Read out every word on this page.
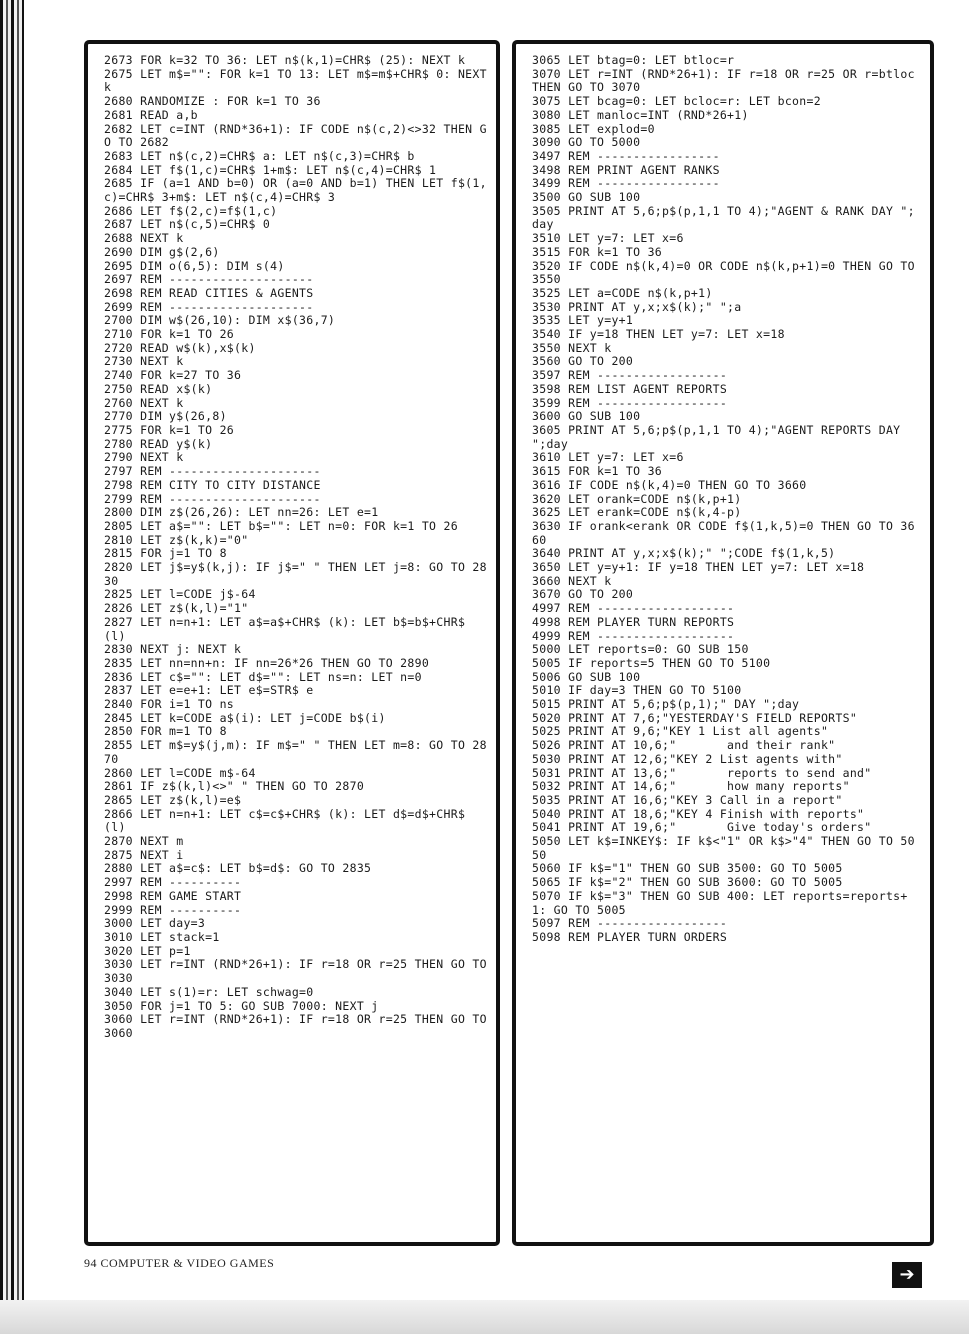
2673 FOR k=32 TO 36: LET n$(k,1)=CHR$ (25): NEXT k
2675 LET m$="": FOR k=1 TO 13: LET m$=m$+CHR$ 0: NEXT k
2680 RANDOMIZE : FOR k=1 TO 36
2681 READ a,b
2682 LET c=INT (RND*36+1): IF CODE n$(c,2)<>32 THEN GO TO 2682
2683 LET n$(c,2)=CHR$ a: LET n$(c,3)=CHR$ b
2684 LET f$(1,c)=CHR$ 1+m$: LET n$(c,4)=CHR$ 1
2685 IF (a=1 AND b=0) OR (a=0 AND b=1) THEN LET f$(1,c)=CHR$ 3+m$: LET n$(c,4)=CHR$ 3
2686 LET f$(2,c)=f$(1,c)
2687 LET n$(c,5)=CHR$ 0
2688 NEXT k
2690 DIM g$(2,6)
2695 DIM o(6,5): DIM s(4)
2697 REM --------------------
2698 REM READ CITIES & AGENTS
2699 REM --------------------
2700 DIM w$(26,10): DIM x$(36,7)
2710 FOR k=1 TO 26
2720 READ w$(k),x$(k)
2730 NEXT k
2740 FOR k=27 TO 36
2750 READ x$(k)
2760 NEXT k
2770 DIM y$(26,8)
2775 FOR k=1 TO 26
2780 READ y$(k)
2790 NEXT k
2797 REM ---------------------
2798 REM CITY TO CITY DISTANCE
2799 REM ---------------------
2800 DIM z$(26,26): LET nn=26: LET e=1
2805 LET a$="": LET b$="": LET n=0: FOR k=1 TO 26
2810 LET z$(k,k)="0"
2815 FOR j=1 TO 8
2820 LET j$=y$(k,j): IF j$=" " THEN LET j=8: GO TO 2830
2825 LET l=CODE j$-64
2826 LET z$(k,l)="1"
2827 LET n=n+1: LET a$=a$+CHR$ (k): LET b$=b$+CHR$ (l)
2830 NEXT j: NEXT k
2835 LET nn=nn+n: IF nn=26*26 THEN GO TO 2890
2836 LET c$="": LET d$="": LET ns=n: LET n=0
2837 LET e=e+1: LET e$=STR$ e
2840 FOR i=1 TO ns
2845 LET k=CODE a$(i): LET j=CODE b$(i)
2850 FOR m=1 TO 8
2855 LET m$=y$(j,m): IF m$=" " THEN LET m=8: GO TO 2870
2860 LET l=CODE m$-64
2861 IF z$(k,l)<>" " THEN GO TO 2870
2865 LET z$(k,l)=e$
2866 LET n=n+1: LET c$=c$+CHR$ (k): LET d$=d$+CHR$ (l)
2870 NEXT m
2875 NEXT i
2880 LET a$=c$: LET b$=d$: GO TO 2835
2997 REM ----------
2998 REM GAME START
2999 REM ----------
3000 LET day=3
3010 LET stack=1
3020 LET p=1
3030 LET r=INT (RND*26+1): IF r=18 OR r=25 THEN GO TO 3030
3040 LET s(1)=r: LET schwag=0
3050 FOR j=1 TO 5: GO SUB 7000: NEXT j
3060 LET r=INT (RND*26+1): IF r=18 OR r=25 THEN GO TO 3060
3065 LET btag=0: LET btloc=r
3070 LET r=INT (RND*26+1): IF r=18 OR r=25 OR r=btloc THEN GO TO 3070
3075 LET bcag=0: LET bcloc=r: LET bcon=2
3080 LET manloc=INT (RND*26+1)
3085 LET explod=0
3090 GO TO 5000
3497 REM -----------------
3498 REM PRINT AGENT RANKS
3499 REM -----------------
3500 GO SUB 100
3505 PRINT AT 5,6;p$(p,1,1 TO 4);"AGENT & RANK DAY ";day
3510 LET y=7: LET x=6
3515 FOR k=1 TO 36
3520 IF CODE n$(k,4)=0 OR CODE n$(k,p+1)=0 THEN GO TO 3550
3525 LET a=CODE n$(k,p+1)
3530 PRINT AT y,x;x$(k);" ";a
3535 LET y=y+1
3540 IF y=18 THEN LET y=7: LET x=18
3550 NEXT k
3560 GO TO 200
3597 REM ------------------
3598 REM LIST AGENT REPORTS
3599 REM ------------------
3600 GO SUB 100
3605 PRINT AT 5,6;p$(p,1,1 TO 4);"AGENT REPORTS DAY ";day
3610 LET y=7: LET x=6
3615 FOR k=1 TO 36
3616 IF CODE n$(k,4)=0 THEN GO TO 3660
3620 LET orank=CODE n$(k,p+1)
3625 LET erank=CODE n$(k,4-p)
3630 IF orank<erank OR CODE f$(1,k,5)=0 THEN GO TO 3660
3640 PRINT AT y,x;x$(k);" ";CODE f$(1,k,5)
3650 LET y=y+1: IF y=18 THEN LET y=7: LET x=18
3660 NEXT k
3670 GO TO 200
4997 REM -------------------
4998 REM PLAYER TURN REPORTS
4999 REM -------------------
5000 LET reports=0: GO SUB 150
5005 IF reports=5 THEN GO TO 5100
5006 GO SUB 100
5010 IF day=3 THEN GO TO 5100
5015 PRINT AT 5,6;p$(p,1);" DAY ";day
5020 PRINT AT 7,6;"YESTERDAY'S FIELD REPORTS"
5025 PRINT AT 9,6;"KEY 1 List all agents"
5026 PRINT AT 10,6;"       and their rank"
5030 PRINT AT 12,6;"KEY 2 List agents with"
5031 PRINT AT 13,6;"       reports to send and"
5032 PRINT AT 14,6;"       how many reports"
5035 PRINT AT 16,6;"KEY 3 Call in a report"
5040 PRINT AT 18,6;"KEY 4 Finish with reports"
5041 PRINT AT 19,6;"       Give today's orders"
5050 LET k$=INKEY$: IF k$<"1" OR k$>"4" THEN GO TO 5050
5060 IF k$="1" THEN GO SUB 3500: GO TO 5005
5065 IF k$="2" THEN GO SUB 3600: GO TO 5005
5070 IF k$="3" THEN GO SUB 400: LET reports=reports+1: GO TO 5005
5097 REM ------------------
5098 REM PLAYER TURN ORDERS
94 COMPUTER & VIDEO GAMES
➔
